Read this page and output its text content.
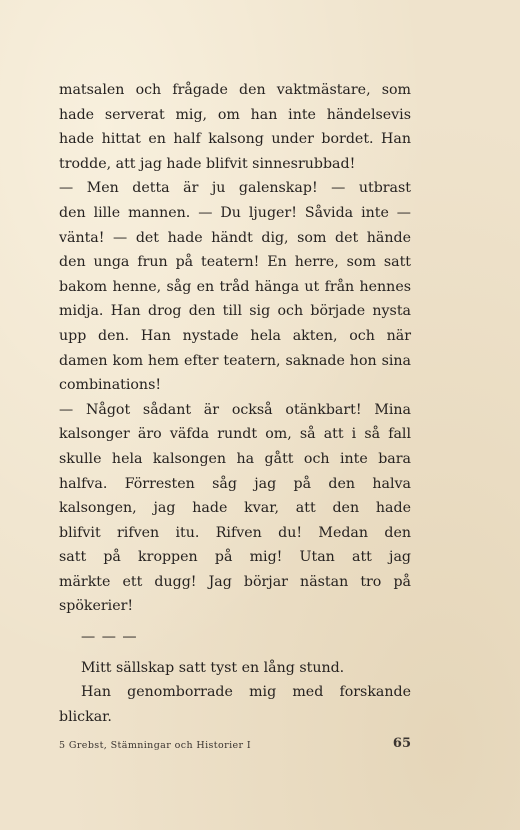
matsalen och frågade den vaktmästare, som
hade serverat mig, om han inte händelsevis
hade hittat en half kalsong under bordet. Han
trodde, att jag hade blifvit sinnesrubbad!
— Men detta är ju galenskap! — utbrast
den lille mannen. — Du ljuger! Såvida inte —
vänta! — det hade händt dig, som det hände
den unga frun på teatern! En herre, som satt
bakom henne, såg en tråd hänga ut från hennes
midja. Han drog den till sig och började nysta
upp den. Han nystade hela akten, och när
damen kom hem efter teatern, saknade hon sina
combinations!
— Något sådant är också otänkbart! Mina
kalsonger äro väfda rundt om, så att i så fall
skulle hela kalsongen ha gått och inte bara
halfva. Förresten såg jag på den halva
kalsongen, jag hade kvar, att den hade
blifvit rifven itu. Rifven du! Medan den
satt på kroppen på mig! Utan att jag
märkte ett dugg! Jag börjar nästan tro på
spökerier!
— — —
Mitt sällskap satt tyst en lång stund.
Han genomborrade mig med forskande
blickar.
5 Grebst, Stämningar och Historier I	65
